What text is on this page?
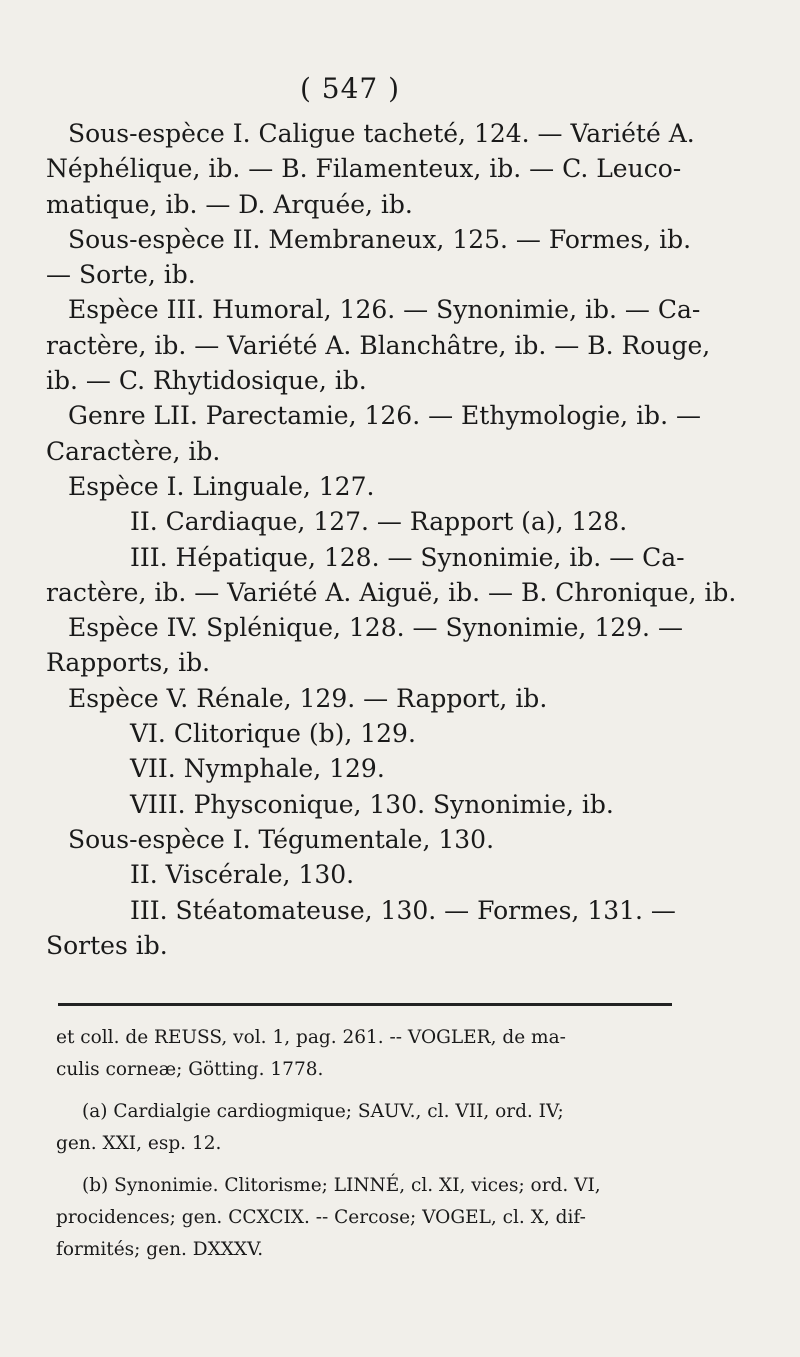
( 547 )
Sous-espèce I. Caligue tacheté, 124. — Variété A.
Néphélique, ib. — B. Filamenteux, ib. — C. Leuco-
matique, ib. — D. Arquée, ib.
Sous-espèce II. Membraneux, 125. — Formes, ib.
— Sorte, ib.
Espèce III. Humoral, 126. — Synonimie, ib. — Ca-
ractère, ib. — Variété A. Blanchâtre, ib. — B. Rouge,
ib. — C. Rhytidosique, ib.
Genre LII. Parectamie, 126. — Ethymologie, ib. —
Caractère, ib.
Espèce I. Linguale, 127.
II. Cardiaque, 127. — Rapport (a), 128.
III. Hépatique, 128. — Synonimie, ib. — Ca-
ractère, ib. — Variété A. Aiguë, ib. — B. Chronique, ib.
Espèce IV. Splénique, 128. — Synonimie, 129. —
Rapports, ib.
Espèce V. Rénale, 129. — Rapport, ib.
VI. Clitorique (b), 129.
VII. Nymphale, 129.
VIII. Physconique, 130. Synonimie, ib.
Sous-espèce I. Tégumentale, 130.
II. Viscérale, 130.
III. Stéatomateuse, 130. — Formes, 131. —
Sortes ib.
et coll. de REUSS, vol. 1, pag. 261. -- VOGLER, de ma-
culis corneæ; Götting. 1778.
(a) Cardialgie cardiogmique; SAUV., cl. VII, ord. IV;
gen. XXI, esp. 12.
(b) Synonimie. Clitorisme; LINNÉ, cl. XI, vices; ord. VI,
procidences; gen. CCXCIX. -- Cercose; VOGEL, cl. X, dif-
formités; gen. DXXXV.
